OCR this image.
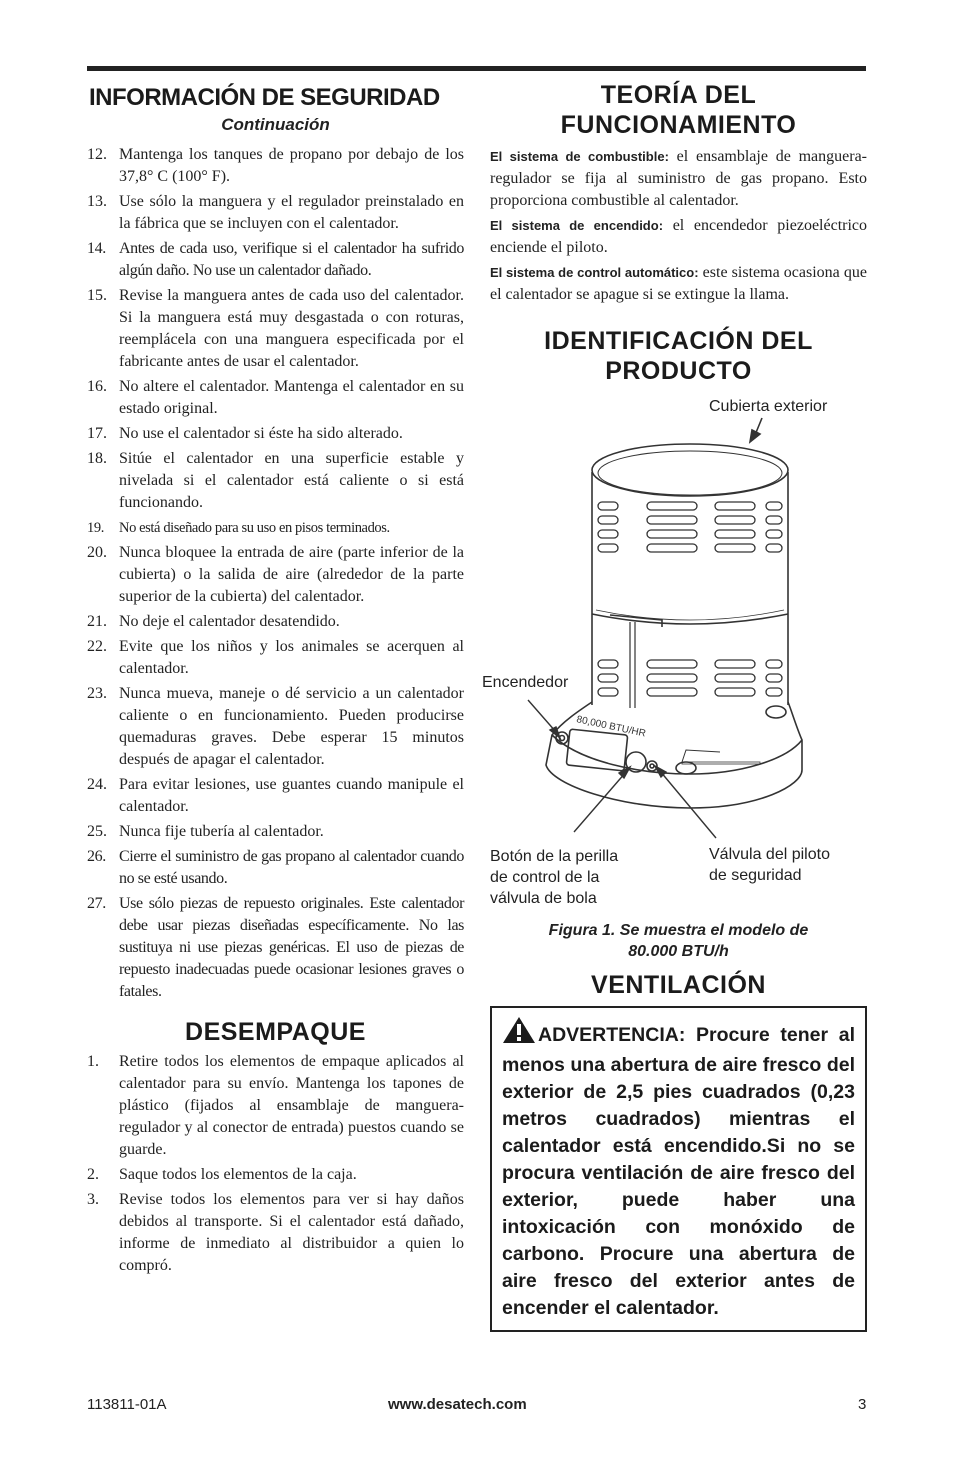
INFORMACIÓN DE SEGURIDAD
Continuación
12. Mantenga los tanques de propano por debajo de los 37,8° C (100° F).
13. Use sólo la manguera y el regulador preinstalado en la fábrica que se incluyen con el calentador.
14. Antes de cada uso, verifique si el calentador ha sufrido algún daño. No use un calentador dañado.
15. Revise la manguera antes de cada uso del calentador. Si la manguera está muy desgastada o con roturas, reemplácela con una manguera especificada por el fabricante antes de usar el calentador.
16. No altere el calentador. Mantenga el calentador en su estado original.
17. No use el calentador si éste ha sido alterado.
18. Sitúe el calentador en una superficie estable y nivelada si el calentador está caliente o si está funcionando.
19. No está diseñado para su uso en pisos terminados.
20. Nunca bloquee la entrada de aire (parte inferior de la cubierta) o la salida de aire (alrededor de la parte superior de la cubierta) del calentador.
21. No deje el calentador desatendido.
22. Evite que los niños y los animales se acerquen al calentador.
23. Nunca mueva, maneje o dé servicio a un calentador caliente o en funcionamiento. Pueden producirse quemaduras graves. Debe esperar 15 minutos después de apagar el calentador.
24. Para evitar lesiones, use guantes cuando manipule el calentador.
25. Nunca fije tubería al calentador.
26. Cierre el suministro de gas propano al calentador cuando no se esté usando.
27. Use sólo piezas de repuesto originales. Este calentador debe usar piezas diseñadas específicamente. No las sustituya ni use piezas genéricas. El uso de piezas de repuesto inadecuadas puede ocasionar lesiones graves o fatales.
DESEMPAQUE
1. Retire todos los elementos de empaque aplicados al calentador para su envío. Mantenga los tapones de plástico (fijados al ensamblaje de manguera-regulador y al conector de entrada) puestos cuando se guarde.
2. Saque todos los elementos de la caja.
3. Revise todos los elementos para ver si hay daños debidos al transporte. Si el calentador está dañado, informe de inmediato al distribuidor a quien lo compró.
TEORÍA DEL
FUNCIONAMIENTO

El sistema de combustible: el ensamblaje de manguera-regulador se fija al suministro de gas propano. Esto proporciona combustible al calentador.

El sistema de encendido: el encendedor piezoeléctrico enciende el piloto.

El sistema de control automático: este sistema ocasiona que el calentador se apague si se extingue la llama.

IDENTIFICACIÓN DEL
PRODUCTO
80,000 BTU/HR
Cubierta exterior
Encendedor
Botón de la perilla
de control de la
válvula de bola
Válvula del piloto
de seguridad

Figura 1. Se muestra el modelo de

80.000 BTU/h

VENTILACIÓN
ADVERTENCIA: Procure tener al menos una abertura de aire fresco del exterior de 2,5 pies cuadrados (0,23 metros cuadrados) mientras el calentador está encendido.Si no se procura ventilación de aire fresco del exterior, puede haber una intoxicación con monóxido de carbono. Procure una abertura de aire fresco del exterior antes de encender el calentador.
113811-01A	www.desatech.com	3
